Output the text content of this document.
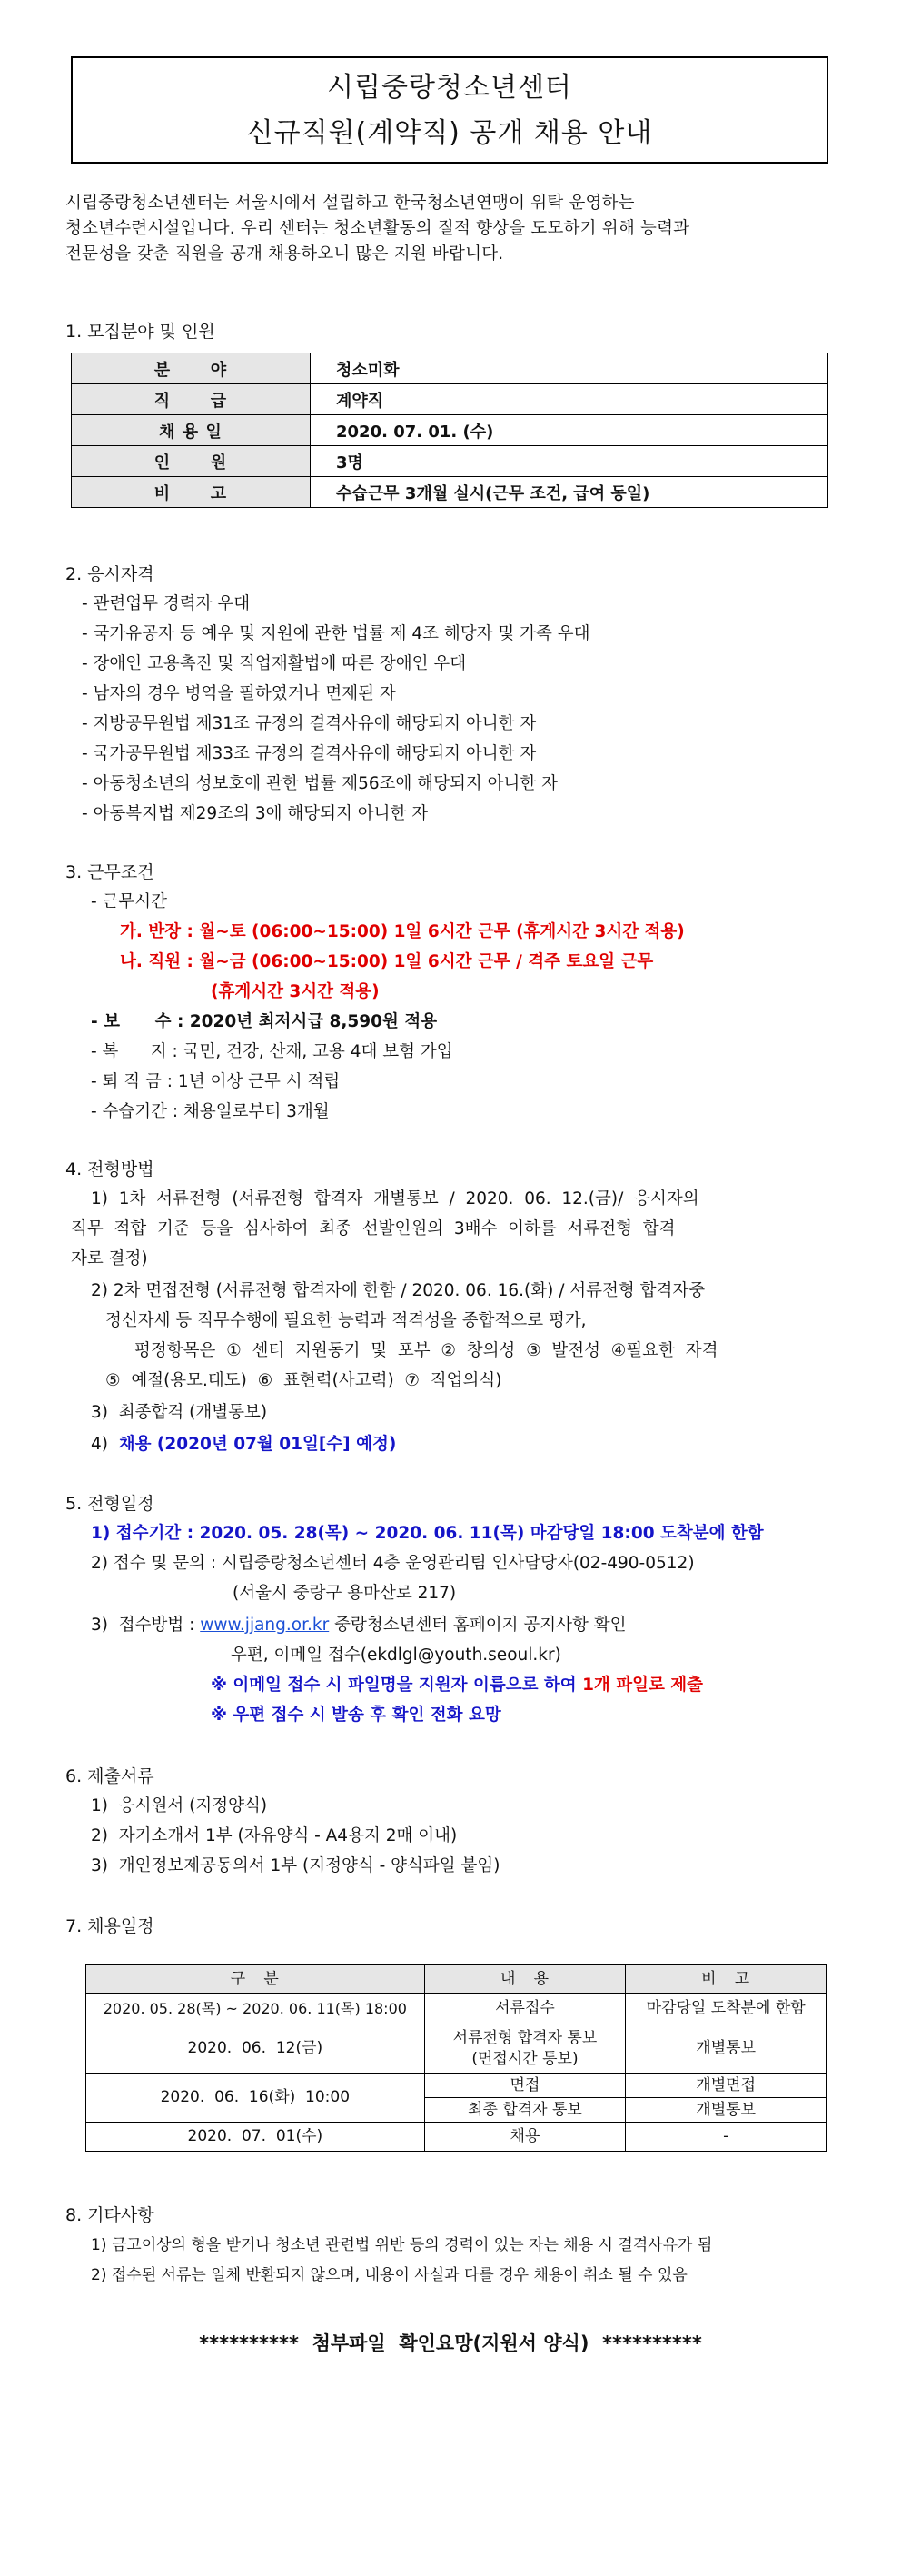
시립중랑청소년센터
신규직원(계약직) 공개 채용 안내

시립중랑청소년센터는 서울시에서 설립하고 한국청소년연맹이 위탁 운영하는

청소년수련시설입니다. 우리 센터는 청소년활동의 질적 향상을 도모하기 위해 능력과

전문성을 갖춘 직원을 공개 채용하오니 많은 지원 바랍니다.

1. 모집분야 및 인원
분      야	청소미화
직      급	계약직
채 용 일	2020. 07. 01. (수)
인      원	3명
비      고	수습근무 3개월 실시(근무 조건, 급여 동일)
2. 응시자격
- 관련업무 경력자 우대
- 국가유공자 등 예우 및 지원에 관한 법률 제 4조 해당자 및 가족 우대
- 장애인 고용촉진 및 직업재활법에 따른 장애인 우대
- 남자의 경우 병역을 필하였거나 면제된 자
- 지방공무원법 제31조 규정의 결격사유에 해당되지 아니한 자
- 국가공무원법 제33조 규정의 결격사유에 해당되지 아니한 자
- 아동청소년의 성보호에 관한 법률 제56조에 해당되지 아니한 자
- 아동복지법 제29조의 3에 해당되지 아니한 자
3. 근무조건
- 근무시간
가. 반장 : 월~토 (06:00~15:00) 1일 6시간 근무 (휴게시간 3시간 적용)
나. 직원 : 월~금 (06:00~15:00) 1일 6시간 근무 / 격주 토요일 근무
(휴게시간 3시간 적용)
- 보      수 : 2020년 최저시급 8,590원 적용
- 복      지 : 국민, 건강, 산재, 고용 4대 보험 가입
- 퇴 직 금 : 1년 이상 근무 시 적립
- 수습기간 : 채용일로부터 3개월
4. 전형방법
1)  1차  서류전형  (서류전형  합격자  개별통보  /  2020.  06.  12.(금)/  응시자의
직무  적합  기준  등을  심사하여  최종  선발인원의  3배수  이하를  서류전형  합격
자로 결정)
2) 2차 면접전형 (서류전형 합격자에 한함 / 2020. 06. 16.(화) / 서류전형 합격자중
정신자세 등 직무수행에 필요한 능력과 적격성을 종합적으로 평가,
평정항목은  ①  센터  지원동기  및  포부  ②  창의성  ③  발전성  ④필요한  자격
⑤  예절(용모.태도)  ⑥  표현력(사고력)  ⑦  직업의식)
3)  최종합격 (개별통보)
4)  채용 (2020년 07월 01일[수] 예정)
5. 전형일정
1) 접수기간 : 2020. 05. 28(목) ~ 2020. 06. 11(목) 마감당일 18:00 도착분에 한함
2) 접수 및 문의 : 시립중랑청소년센터 4층 운영관리팀 인사담당자(02-490-0512)
(서울시 중랑구 용마산로 217)
3)  접수방법 : www.jjang.or.kr 중랑청소년센터 홈페이지 공지사항 확인
우편, 이메일 접수(ekdlgl@youth.seoul.kr)
※ 이메일 접수 시 파일명을 지원자 이름으로 하여 1개 파일로 제출
※ 우편 접수 시 발송 후 확인 전화 요망
6. 제출서류
1)  응시원서 (지정양식)
2)  자기소개서 1부 (자유양식 - A4용지 2매 이내)
3)  개인정보제공동의서 1부 (지정양식 - 양식파일 붙임)
7. 채용일정
구   분	내   용	비   고
2020. 05. 28(목) ~ 2020. 06. 11(목) 18:00	서류접수	마감당일 도착분에 한함
2020.  06.  12(금)	서류전형 합격자 통보
(면접시간 통보)	개별통보
2020.  06.  16(화)  10:00	면접	개별면접
	최종 합격자 통보	개별통보
2020.  07.  01(수)	채용	-
8. 기타사항
1) 금고이상의 형을 받거나 청소년 관련법 위반 등의 경력이 있는 자는 채용 시 결격사유가 됨
2) 접수된 서류는 일체 반환되지 않으며, 내용이 사실과 다를 경우 채용이 취소 될 수 있음
**********  첨부파일  확인요망(지원서 양식)  **********
